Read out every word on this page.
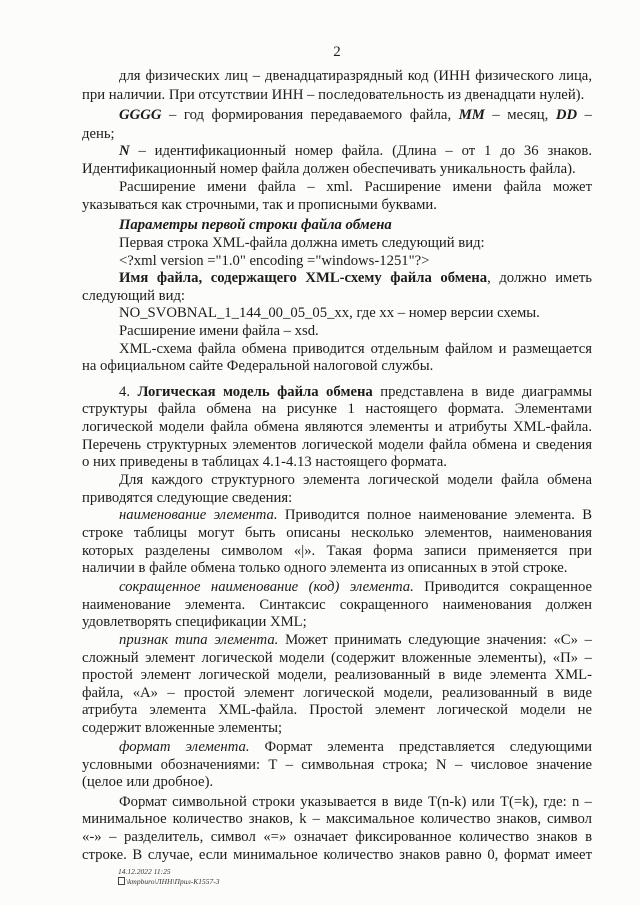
2
для физических лиц – двенадцатиразрядный код (ИНН физического лица,
при наличии. При отсутствии ИНН – последовательность из двенадцати нулей).
GGGG – год формирования передаваемого файла, MM – месяц, DD –
день;
N – идентификационный номер файла. (Длина – от 1 до 36 знаков.
Идентификационный номер файла должен обеспечивать уникальность файла).
Расширение имени файла – xml. Расширение имени файла может
указываться как строчными, так и прописными буквами.
Параметры первой строки файла обмена
Первая строка XML-файла должна иметь следующий вид:
<?xml version ="1.0" encoding ="windows-1251"?>
Имя файла, содержащего XML-схему файла обмена, должно иметь
следующий вид:
NO_SVOBNAL_1_144_00_05_05_xx, где хх – номер версии схемы.
Расширение имени файла – xsd.
XML-схема файла обмена приводится отдельным файлом и размещается
на официальном сайте Федеральной налоговой службы.
4. Логическая модель файла обмена представлена в виде диаграммы
структуры файла обмена на рисунке 1 настоящего формата. Элементами
логической модели файла обмена являются элементы и атрибуты XML-файла.
Перечень структурных элементов логической модели файла обмена и сведения
о них приведены в таблицах 4.1-4.13 настоящего формата.
Для каждого структурного элемента логической модели файла обмена
приводятся следующие сведения:
наименование элемента. Приводится полное наименование элемента. В
строке таблицы могут быть описаны несколько элементов, наименования
которых разделены символом «|». Такая форма записи применяется при
наличии в файле обмена только одного элемента из описанных в этой строке.
сокращенное наименование (код) элемента. Приводится сокращенное
наименование элемента. Синтаксис сокращенного наименования должен
удовлетворять спецификации XML;
признак типа элемента. Может принимать следующие значения: «С» –
сложный элемент логической модели (содержит вложенные элементы), «П» –
простой элемент логической модели, реализованный в виде элемента XML-
файла, «А» – простой элемент логической модели, реализованный в виде
атрибута элемента XML-файла. Простой элемент логической модели не
содержит вложенные элементы;
формат элемента. Формат элемента представляется следующими
условными обозначениями: Т – символьная строка; N – числовое значение
(целое или дробное).
Формат символьной строки указывается в виде T(n-k) или T(=k), где: n –
минимальное количество знаков, k – максимальное количество знаков, символ
«-» – разделитель, символ «=» означает фиксированное количество знаков в
строке. В случае, если минимальное количество знаков равно 0, формат имеет
14.12.2022 11:25
\kmpburo\ЛНН\Прил-К1557-3
